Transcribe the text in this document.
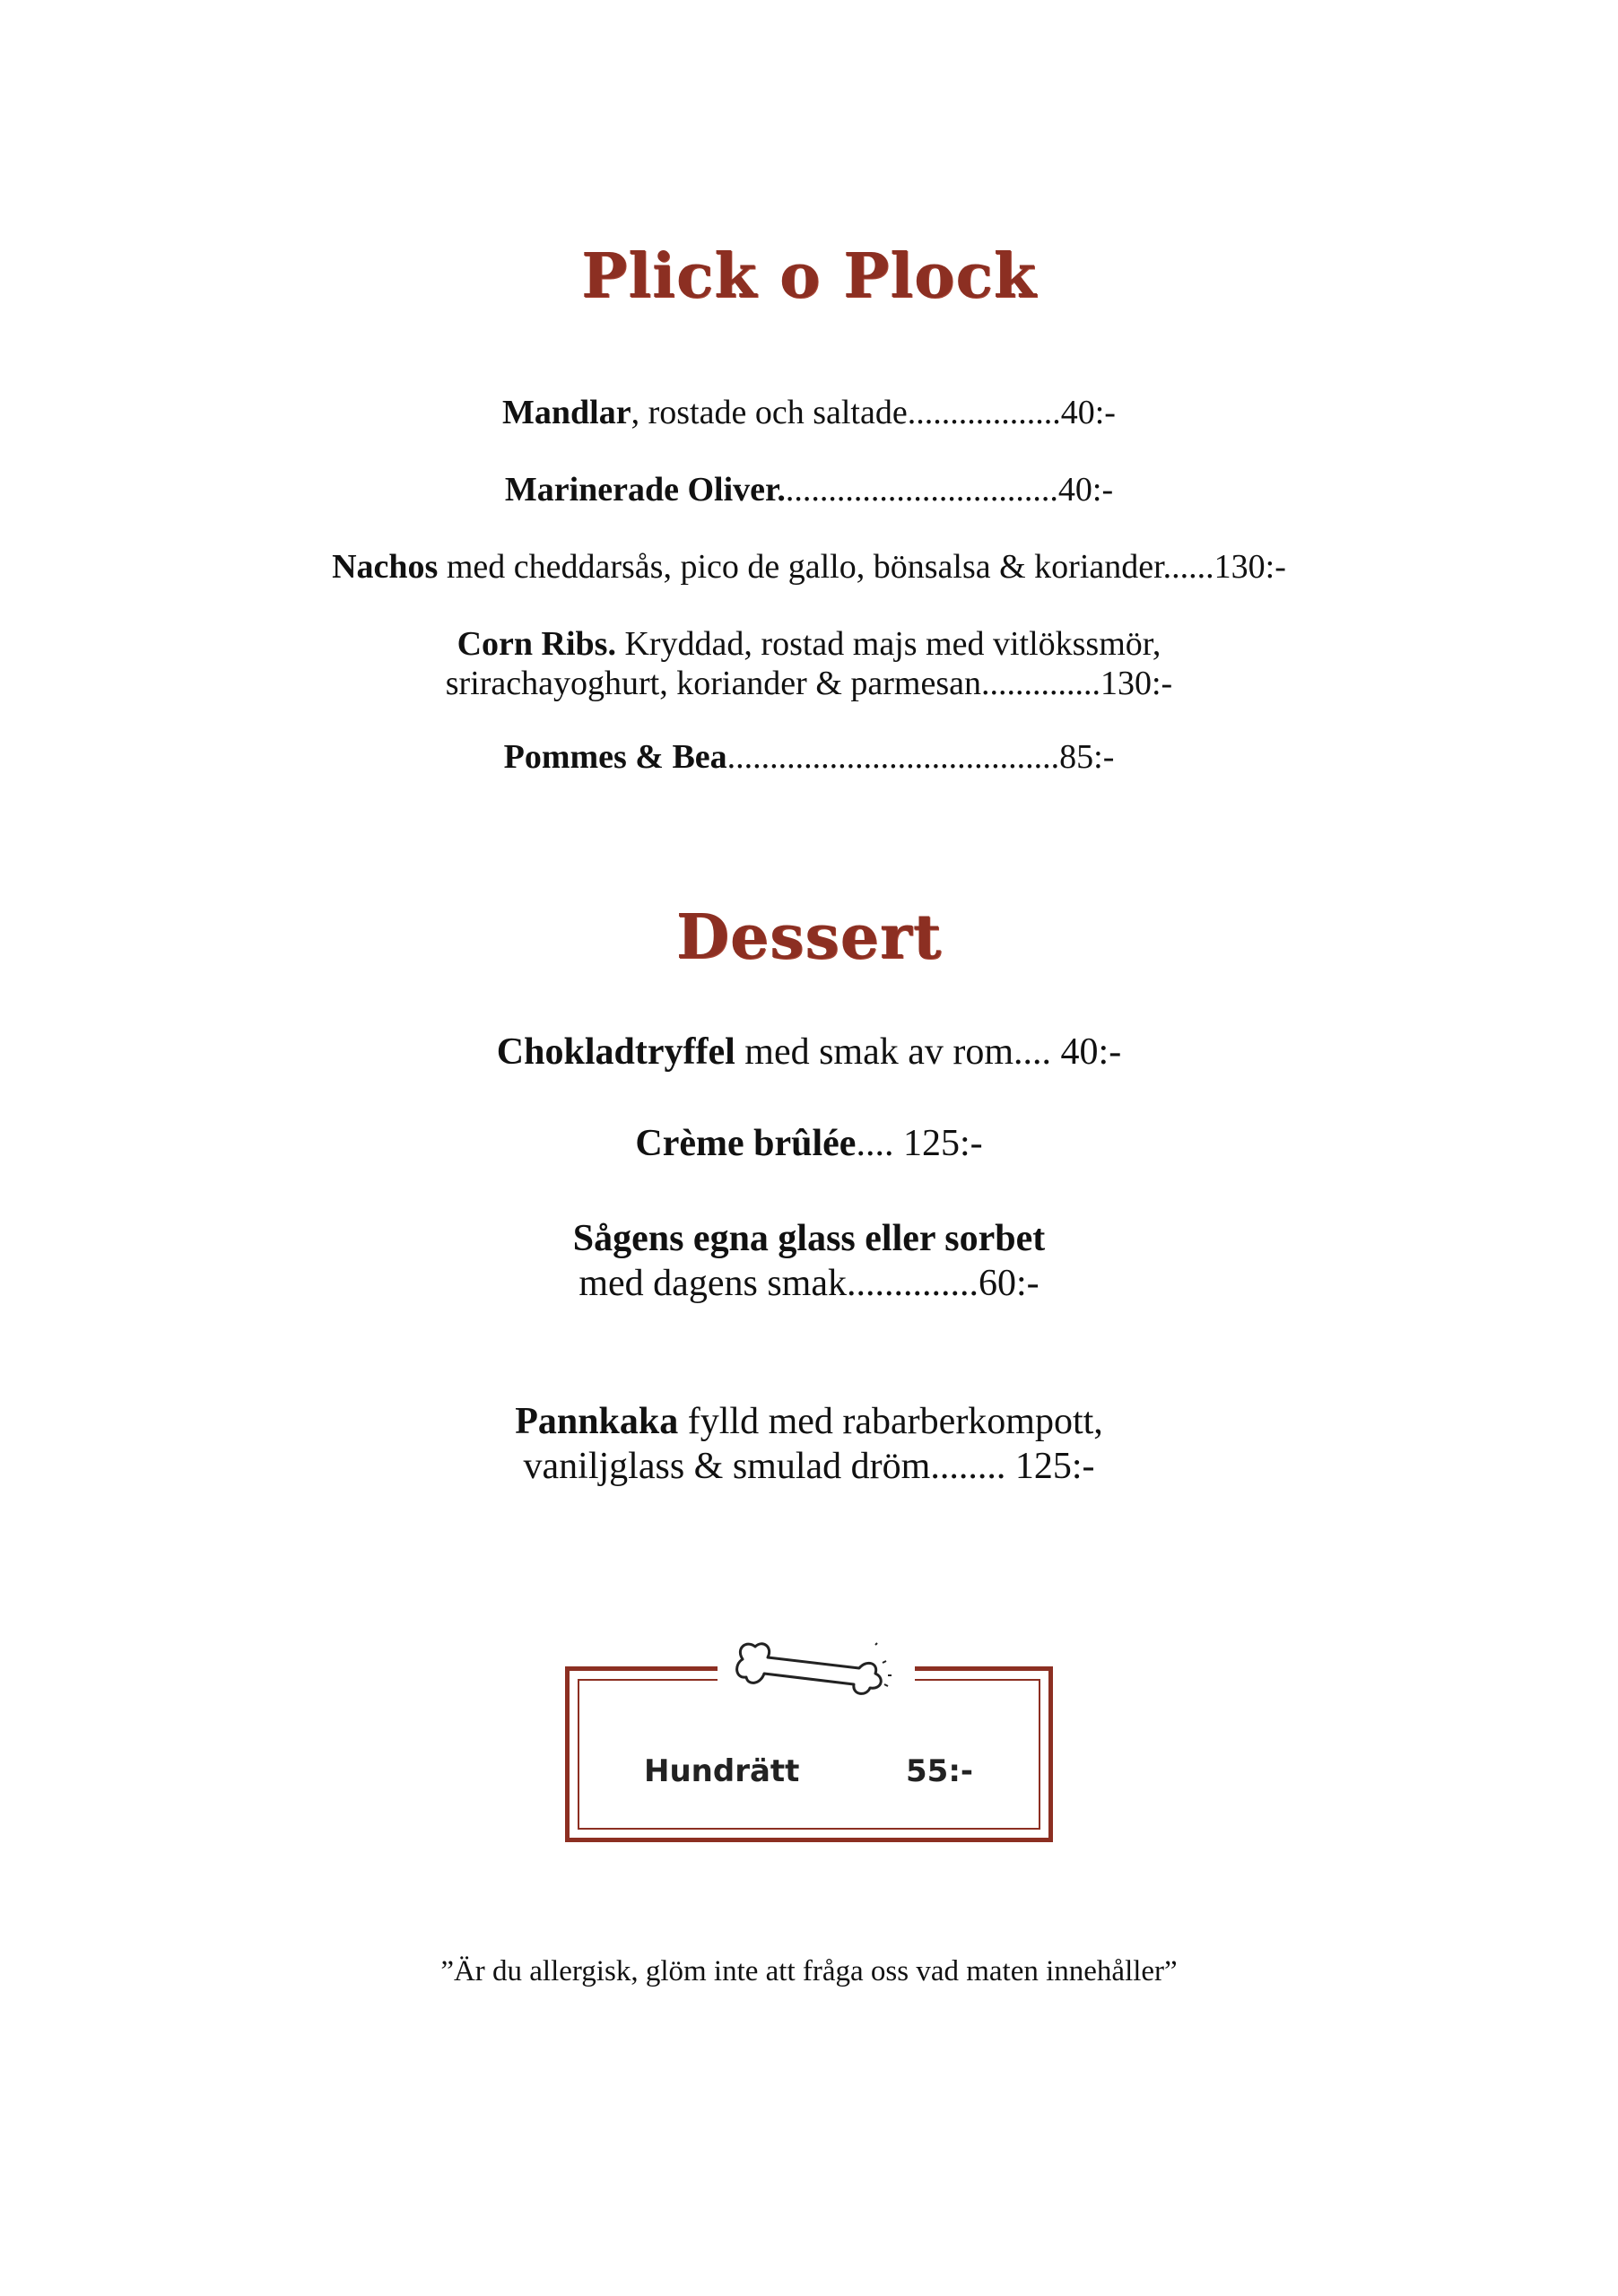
Plick o Plock
Mandlar, rostade och saltade..................40:-
Marinerade Oliver.................................40:-
Nachos med cheddarsås, pico de gallo, bönsalsa & koriander......130:-
Corn Ribs. Kryddad, rostad majs med vitlökssmör,
srirachayoghurt, koriander & parmesan..............130:-
Pommes & Bea.......................................85:-
Dessert
Chokladtryffel med smak av rom.... 40:-
Crème brûlée.... 125:-
Sågens egna glass eller sorbet
med dagens smak..............60:-
Pannkaka fylld med rabarberkompott,
vaniljglass & smulad dröm........ 125:-
Hundrätt	55:-
”Är du allergisk, glöm inte att fråga oss vad maten innehåller”
